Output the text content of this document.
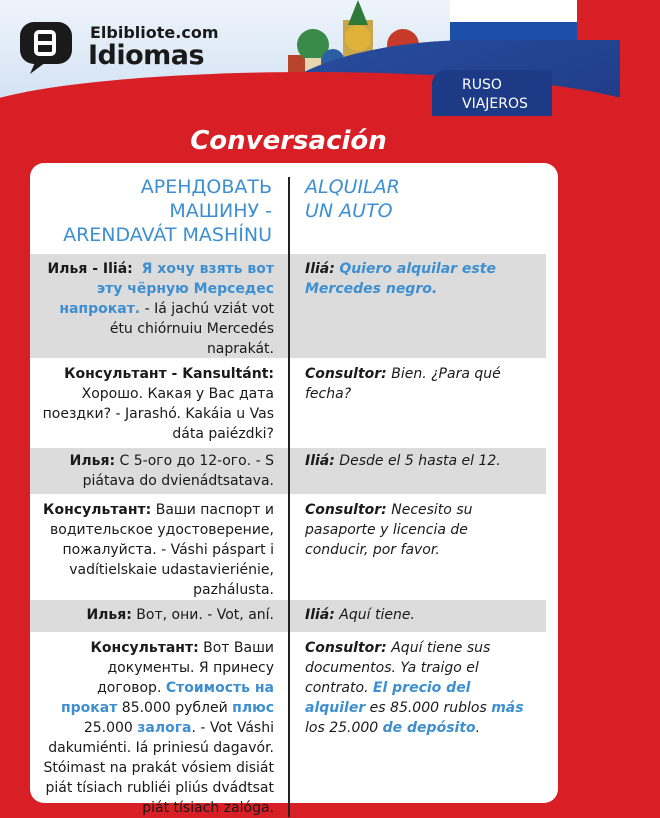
Elbibliote.com
Idiomas
RUSO
VIAJEROS
Conversación
АРЕНДОВАТЬ
МАШИНУ -
ARENDAVÁT MASHÍNU
ALQUILAR
UN AUTO
Илья - Iliá: Я хочу взять вот эту чёрную Мерседес напрокат. - Iá jachú vziát vot étu chiórnuiu Mercedés naprakát.
Iliá: Quiero alquilar este Mercedes negro.
Консультант - Kansultánt: Хорошо. Какая у Вас дата поездки? - Jarashó. Kakáia u Vas dáta paiézdki?
Consultor: Bien. ¿Para qué fecha?
Илья: С 5-ого до 12-ого. - S piátava do dvienádtsatava.
Iliá: Desde el 5 hasta el 12.
Консультант: Ваши паспорт и водительское удостоверение, пожалуйста. - Váshi páspart i vadítielskaie udastavieriénie, pazhálusta.
Consultor: Necesito su pasaporte y licencia de conducir, por favor.
Илья: Вот, они. - Vot, aní. Iliá: Aquí tiene.
Консультант: Вот Ваши документы. Я принесу договор. Стоимость на прокат 85.000 рублей плюс 25.000 залога. - Vot Váshi dakumiénti. Iá priniesú dagavór. Stóimast na prakát vósiem disiát piát tísiach rubliéi pliús dvádtsat piát tísiach zalóga.
Consultor: Aquí tiene sus documentos. Ya traigo el contrato. El precio del alquiler es 85.000 rublos más los 25.000 de depósito.
